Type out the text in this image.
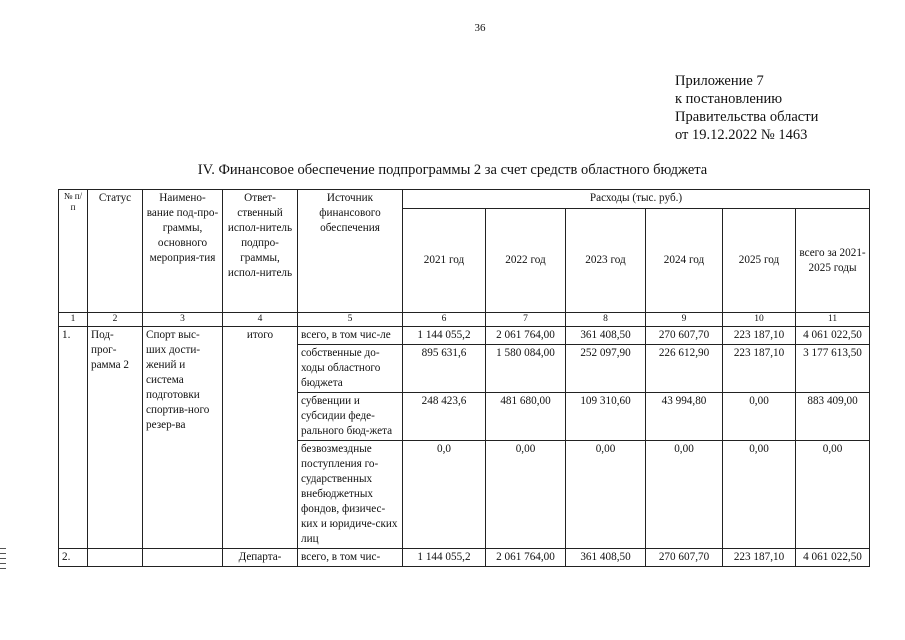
36
Приложение 7
к постановлению
Правительства области
от 19.12.2022 № 1463
IV. Финансовое обеспечение подпрограммы 2 за счет средств областного бюджета
№ п/п	Статус	Наимено-вание под-про-граммы, основного мероприя-тия	Ответ-ственный испол-нитель подпро-граммы, испол-нитель	Источник финансового обеспечения	Расходы (тыс. руб.)					
					2021 год	2022 год	2023 год	2024 год	2025 год	всего за 2021-2025 годы
1	2	3	4	5	6	7	8	9	10	11
1.	Под-прог-рамма 2	Спорт выс-ших дости-жений и система подготовки спортив-ного резер-ва	итого	всего, в том чис-ле	1 144 055,2	2 061 764,00	361 408,50	270 607,70	223 187,10	4 061 022,50
				собственные до-ходы областного бюджета	895 631,6	1 580 084,00	252 097,90	226 612,90	223 187,10	3 177 613,50
				субвенции и субсидии феде-рального бюд-жета	248 423,6	481 680,00	109 310,60	43 994,80	0,00	883 409,00
				безвозмездные поступления го-сударственных внебюджетных фондов, физичес-ких и юридиче-ских лиц	0,0	0,00	0,00	0,00	0,00	0,00
2.			Департа-	всего, в том чис-	1 144 055,2	2 061 764,00	361 408,50	270 607,70	223 187,10	4 061 022,50
